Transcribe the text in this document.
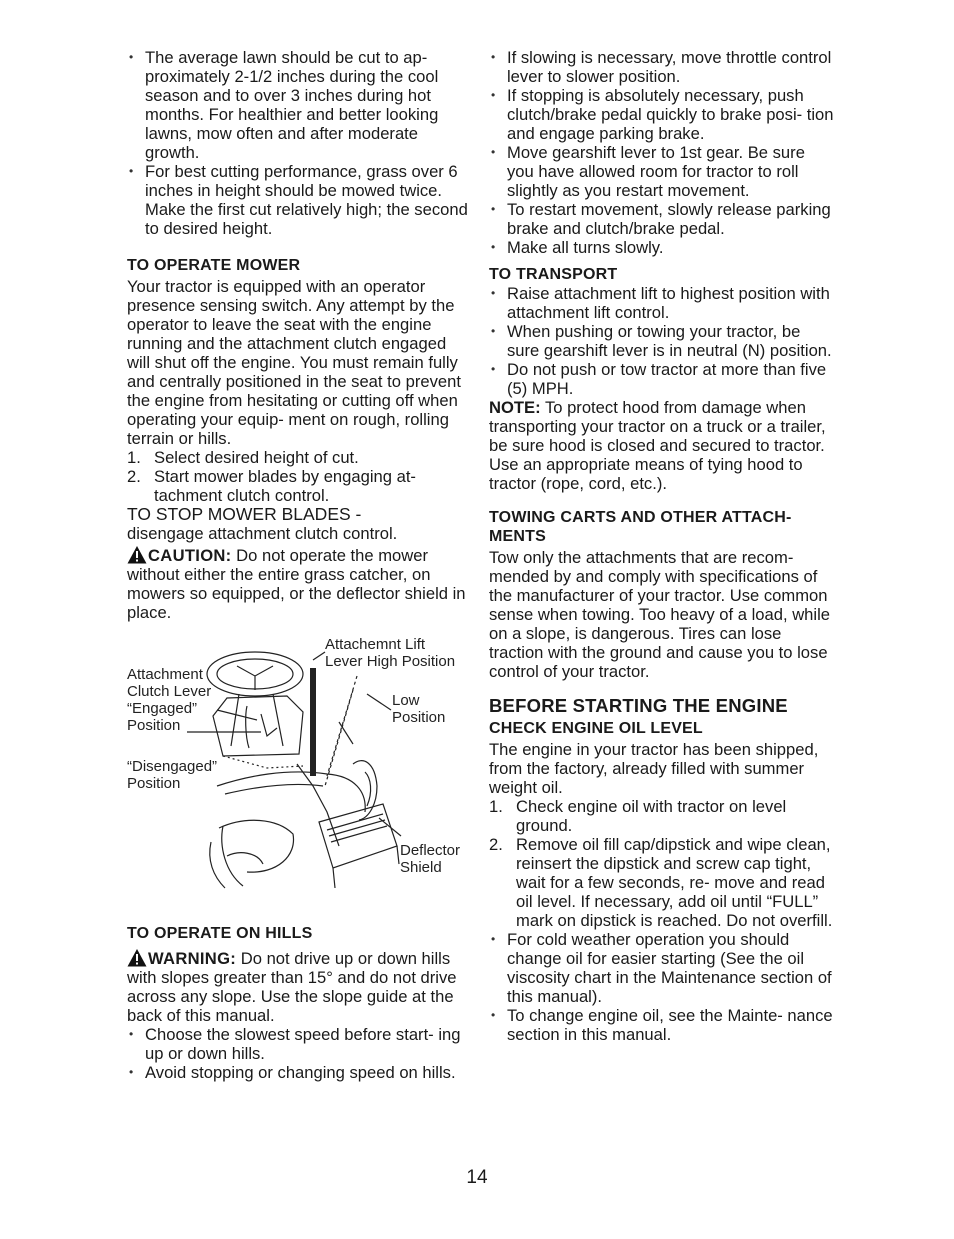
• The average lawn should be cut to ap- proximately 2-1/2 inches during the cool season and to over 3 inches during hot months. For healthier and better looking lawns, mow often and after moderate growth.
• For best cutting performance, grass over 6 inches in height should be mowed twice. Make the first cut relatively high; the second to desired height.
TO OPERATE MOWER

Your tractor is equipped with an operator presence sensing switch. Any attempt by the operator to leave the seat with the engine running and the attachment clutch engaged will shut off the engine. You must remain fully and centrally positioned in the seat to prevent the engine from hesitating or cutting off when operating your equip- ment on rough, rolling terrain or hills.

1. Select desired height of cut.
2. Start mower blades by engaging at- tachment clutch control.

TO STOP MOWER BLADES -

disengage attachment clutch control.

CAUTION: Do not operate the mower without either the entire grass catcher, on mowers so equipped, or the deflector shield in place.

Attachemnt Lift Lever High Position
Attachment Clutch Lever “Engaged” Position
Low Position
“Disengaged” Position
Deflector Shield
TO OPERATE ON HILLS

WARNING: Do not drive up or down hills with slopes greater than 15° and do not drive across any slope. Use the slope guide at the back of this manual.

• Choose the slowest speed before start- ing up or down hills.
• Avoid stopping or changing speed on hills.
• If slowing is necessary, move throttle control lever to slower position.
• If stopping is absolutely necessary, push clutch/brake pedal quickly to brake posi- tion and engage parking brake.
• Move gearshift lever to 1st gear. Be sure you have allowed room for tractor to roll slightly as you restart movement.
• To restart movement, slowly release parking brake and clutch/brake pedal.
• Make all turns slowly.
TO TRANSPORT
• Raise attachment lift to highest position with attachment lift control.
• When pushing or towing your tractor, be sure gearshift lever is in neutral (N) position.
• Do not push or tow tractor at more than five (5) MPH.

NOTE: To protect hood from damage when transporting your tractor on a truck or a trailer, be sure hood is closed and secured to tractor. Use an appropriate means of tying hood to tractor (rope, cord, etc.).

TOWING CARTS AND OTHER ATTACH- MENTS

Tow only the attachments that are recom- mended by and comply with specifications of the manufacturer of your tractor. Use common sense when towing. Too heavy of a load, while on a slope, is dangerous. Tires can lose traction with the ground and cause you to lose control of your tractor.

BEFORE STARTING THE ENGINE
CHECK ENGINE OIL LEVEL

The engine in your tractor has been shipped, from the factory, already filled with summer weight oil.

1. Check engine oil with tractor on level ground.
2. Remove oil fill cap/dipstick and wipe clean, reinsert the dipstick and screw cap tight, wait for a few seconds, re- move and read oil level. If necessary, add oil until “FULL” mark on dipstick is reached. Do not overfill.
• For cold weather operation you should change oil for easier starting (See the oil viscosity chart in the Maintenance section of this manual).
• To change engine oil, see the Mainte- nance section in this manual.
14
